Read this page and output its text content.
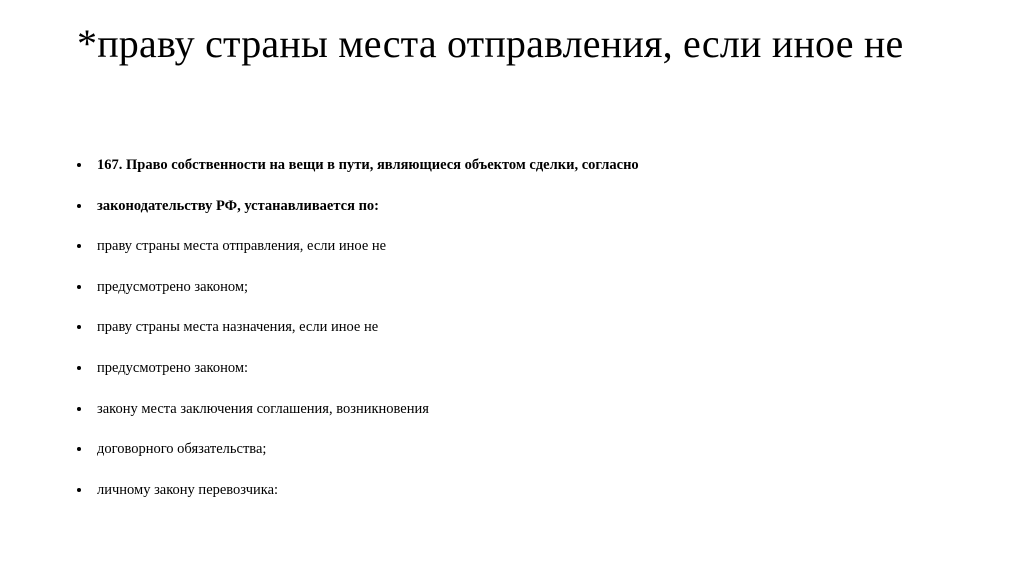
*праву страны места отправления, если иное не
167. Право собственности на вещи в пути, являющиеся объектом сделки, согласно
законодательству РФ, устанавливается по:
праву страны места отправления, если иное не
предусмотрено законом;
праву страны места назначения, если иное не
предусмотрено законом:
закону места заключения соглашения, возникновения
договорного обязательства;
личному закону перевозчика:
